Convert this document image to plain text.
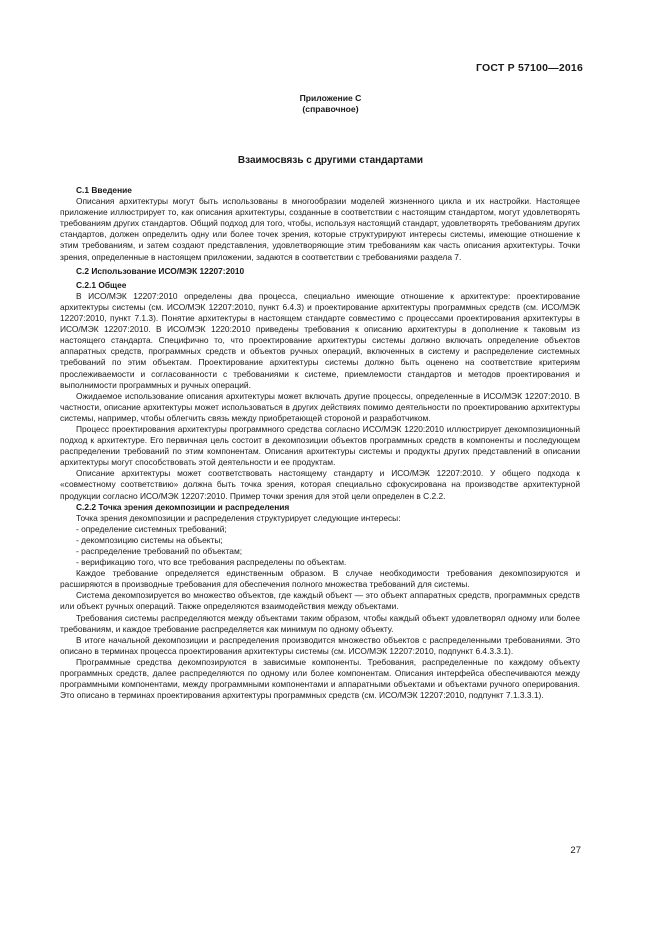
ГОСТ Р 57100—2016
Приложение С
(справочное)
Взаимосвязь с другими стандартами
С.1 Введение

Описания архитектуры могут быть использованы в многообразии моделей жизненного цикла и их настройки. Настоящее приложение иллюстрирует то, как описания архитектуры, созданные в соответствии с настоящим стандартом, могут удовлетворять требованиям других стандартов. Общий подход для того, чтобы, используя настоящий стандарт, удовлетворять требованиям других стандартов, должен определить одну или более точек зрения, которые структурируют интересы системы, имеющие отношение к этим требованиям, и затем создают представления, удовлетворяющие этим требованиям как часть описания архитектуры. Точки зрения, определенные в настоящем приложении, задаются в соответствии с требованиями раздела 7.

С.2 Использование ИСО/МЭК 12207:2010
С.2.1 Общее

В ИСО/МЭК 12207:2010 определены два процесса, специально имеющие отношение к архитектуре: проектирование архитектуры системы (см. ИСО/МЭК 12207:2010, пункт 6.4.3) и проектирование архитектуры программных средств (см. ИСО/МЭК 12207:2010, пункт 7.1.3). Понятие архитектуры в настоящем стандарте совместимо с процессами проектирования архитектуры в ИСО/МЭК 12207:2010. В ИСО/МЭК 1220:2010 приведены требования к описанию архитектуры в дополнение к таковым из настоящего стандарта. Специфично то, что проектирование архитектуры системы должно включать определение объектов аппаратных средств, программных средств и объектов ручных операций, включенных в систему и распределение системных требований по этим объектам. Проектирование архитектуры системы должно быть оценено на соответствие критериям прослеживаемости и согласованности с требованиями к системе, приемлемости стандартов и методов проектирования и выполнимости программных и ручных операций.

Ожидаемое использование описания архитектуры может включать другие процессы, определенные в ИСО/МЭК 12207:2010. В частности, описание архитектуры может использоваться в других действиях помимо деятельности по проектированию архитектуры системы, например, чтобы облегчить связь между приобретающей стороной и разработчиком.

Процесс проектирования архитектуры программного средства согласно ИСО/МЭК 1220:2010 иллюстрирует декомпозиционный подход к архитектуре. Его первичная цель состоит в декомпозиции объектов программных средств в компоненты и последующем распределении требований по этим компонентам. Описания архитектуры системы и продукты других представлений в описании архитектуры могут способствовать этой деятельности и ее продуктам.

Описание архитектуры может соответствовать настоящему стандарту и ИСО/МЭК 12207:2010. У общего подхода к «совместному соответствию» должна быть точка зрения, которая специально сфокусирована на производстве архитектурной продукции согласно ИСО/МЭК 12207:2010. Пример точки зрения для этой цели определен в С.2.2.

С.2.2 Точка зрения декомпозиции и распределения

Точка зрения декомпозиции и распределения структурирует следующие интересы:

- определение системных требований;
- декомпозицию системы на объекты;
- распределение требований по объектам;
- верификацию того, что все требования распределены по объектам.

Каждое требование определяется единственным образом. В случае необходимости требования декомпозируются и расширяются в производные требования для обеспечения полного множества требований для системы.

Система декомпозируется во множество объектов, где каждый объект — это объект аппаратных средств, программных средств или объект ручных операций. Также определяются взаимодействия между объектами.

Требования системы распределяются между объектами таким образом, чтобы каждый объект удовлетворял одному или более требованиям, и каждое требование распределяется как минимум по одному объекту.

В итоге начальной декомпозиции и распределения производится множество объектов с распределенными требованиями. Это описано в терминах процесса проектирования архитектуры системы (см. ИСО/МЭК 12207:2010, подпункт 6.4.3.3.1).

Программные средства декомпозируются в зависимые компоненты. Требования, распределенные по каждому объекту программных средств, далее распределяются по одному или более компонентам. Описания интерфейса обеспечиваются между программными компонентами, между программными компонентами и аппаратными объектами и объектами ручного оперирования. Это описано в терминах проектирования архитектуры программных средств (см. ИСО/МЭК 12207:2010, подпункт 7.1.3.3.1).

27
